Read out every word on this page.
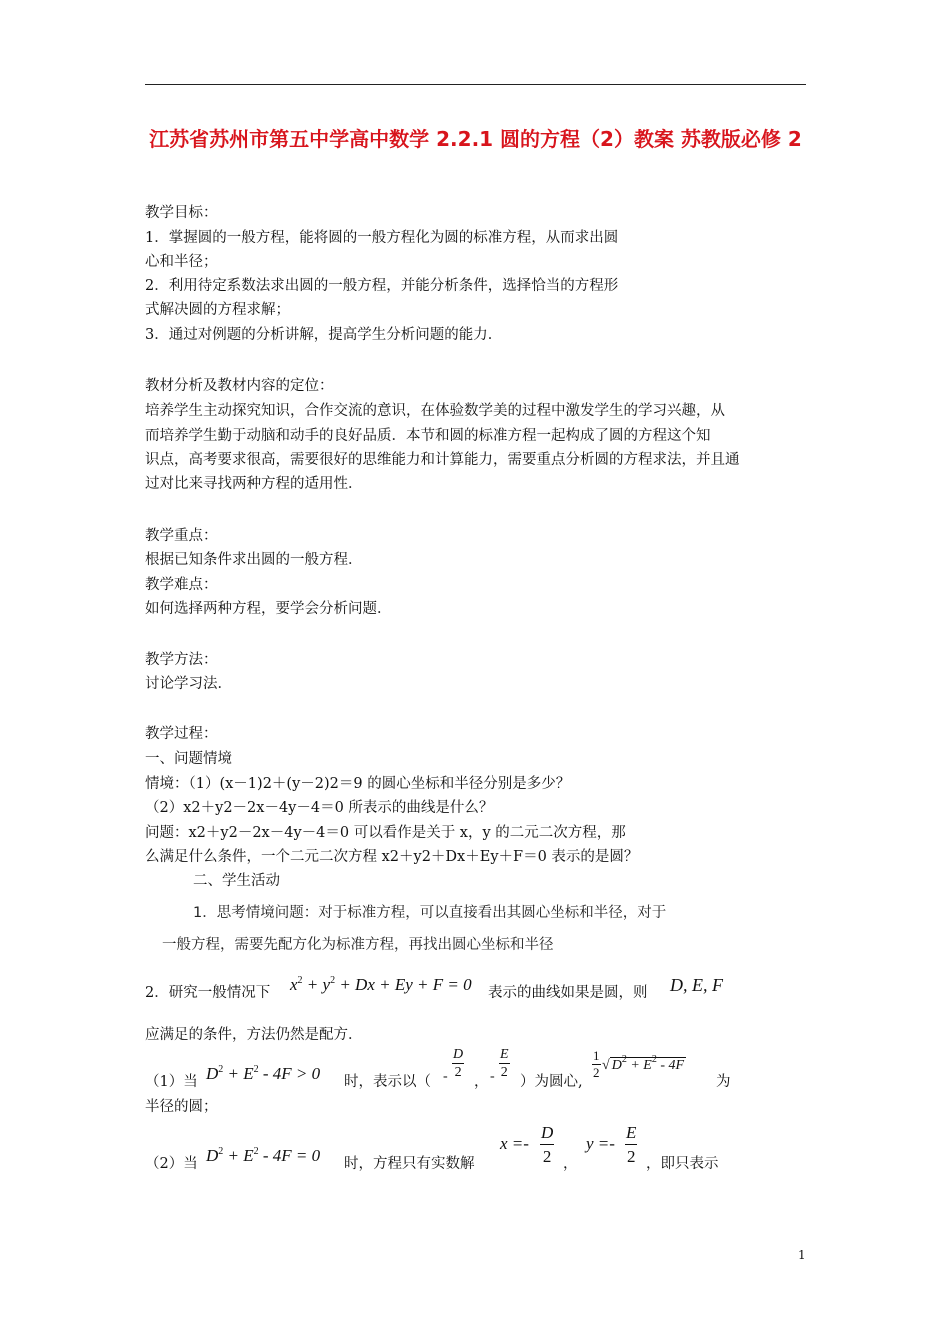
江苏省苏州市第五中学高中数学 2.2.1 圆的方程（2）教案 苏教版必修 2
教学目标：
1．掌握圆的一般方程，能将圆的一般方程化为圆的标准方程，从而求出圆
心和半径；
2．利用待定系数法求出圆的一般方程，并能分析条件，选择恰当的方程形
式解决圆的方程求解；
3．通过对例题的分析讲解，提高学生分析问题的能力．
教材分析及教材内容的定位：
培养学生主动探究知识，合作交流的意识，在体验数学美的过程中激发学生的学习兴趣，从
而培养学生勤于动脑和动手的良好品质．本节和圆的标准方程一起构成了圆的方程这个知
识点，高考要求很高，需要很好的思维能力和计算能力，需要重点分析圆的方程求法，并且通
过对比来寻找两种方程的适用性．
教学重点：
根据已知条件求出圆的一般方程．
教学难点：
如何选择两种方程，要学会分析问题．
教学方法：
讨论学习法．
教学过程：
一、问题情境
情境：（1）(x－1)2＋(y－2)2＝9 的圆心坐标和半径分别是多少？
（2）x2＋y2－2x－4y－4＝0 所表示的曲线是什么？
问题：x2＋y2－2x－4y－4＝0 可以看作是关于 x，y 的二元二次方程，那
么满足什么条件，一个二元二次方程 x2＋y2＋Dx＋Ey＋F＝0 表示的是圆？
二、学生活动
1．思考情境问题：对于标准方程，可以直接看出其圆心坐标和半径，对于
一般方程，需要先配方化为标准方程，再找出圆心坐标和半径
2．研究一般情况下 $x^2 + y^2 + Dx + Ey + F = 0$ 表示的曲线如果是圆，则 D, E, F
应满足的条件，方法仍然是配方．
（1）当 $D^2 + E^2 - 4F > 0$ 时，表示以（ - $\frac{D}{2}$
， - $\frac{E}{2}$
）为圆心,
$\frac{1}{2}$ √ $D^2 + E^2 - 4F$
为
半径的圆；
（2）当 $D^2 + E^2 - 4F = 0$ 时，方程只有实数解
$x =- \frac{D}{2}$ ，
$y =- \frac{E}{2}$ ，即只表示
1
